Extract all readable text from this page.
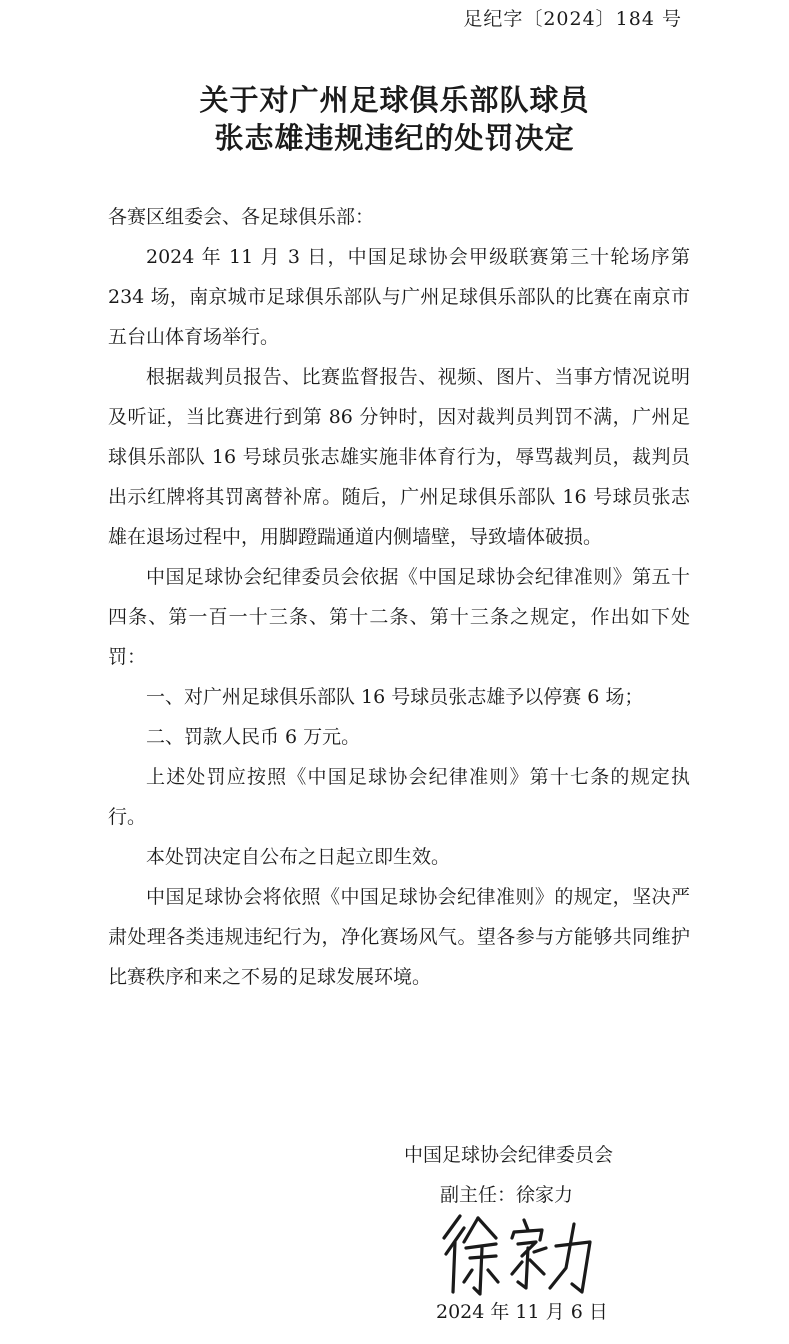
足纪字〔2024〕184 号
关于对广州足球俱乐部队球员
张志雄违规违纪的处罚决定

各赛区组委会、各足球俱乐部：

2024 年 11 月 3 日，中国足球协会甲级联赛第三十轮场序第 234 场，南京城市足球俱乐部队与广州足球俱乐部队的比赛在南京市五台山体育场举行。

根据裁判员报告、比赛监督报告、视频、图片、当事方情况说明及听证，当比赛进行到第 86 分钟时，因对裁判员判罚不满，广州足球俱乐部队 16 号球员张志雄实施非体育行为，辱骂裁判员，裁判员出示红牌将其罚离替补席。随后，广州足球俱乐部队 16 号球员张志雄在退场过程中，用脚蹬踹通道内侧墙壁，导致墙体破损。

中国足球协会纪律委员会依据《中国足球协会纪律准则》第五十四条、第一百一十三条、第十二条、第十三条之规定，作出如下处罚：

一、对广州足球俱乐部队 16 号球员张志雄予以停赛 6 场；

二、罚款人民币 6 万元。

上述处罚应按照《中国足球协会纪律准则》第十七条的规定执行。

本处罚决定自公布之日起立即生效。

中国足球协会将依照《中国足球协会纪律准则》的规定，坚决严肃处理各类违规违纪行为，净化赛场风气。望各参与方能够共同维护比赛秩序和来之不易的足球发展环境。

中国足球协会纪律委员会
副主任：徐家力
2024 年 11 月 6 日
